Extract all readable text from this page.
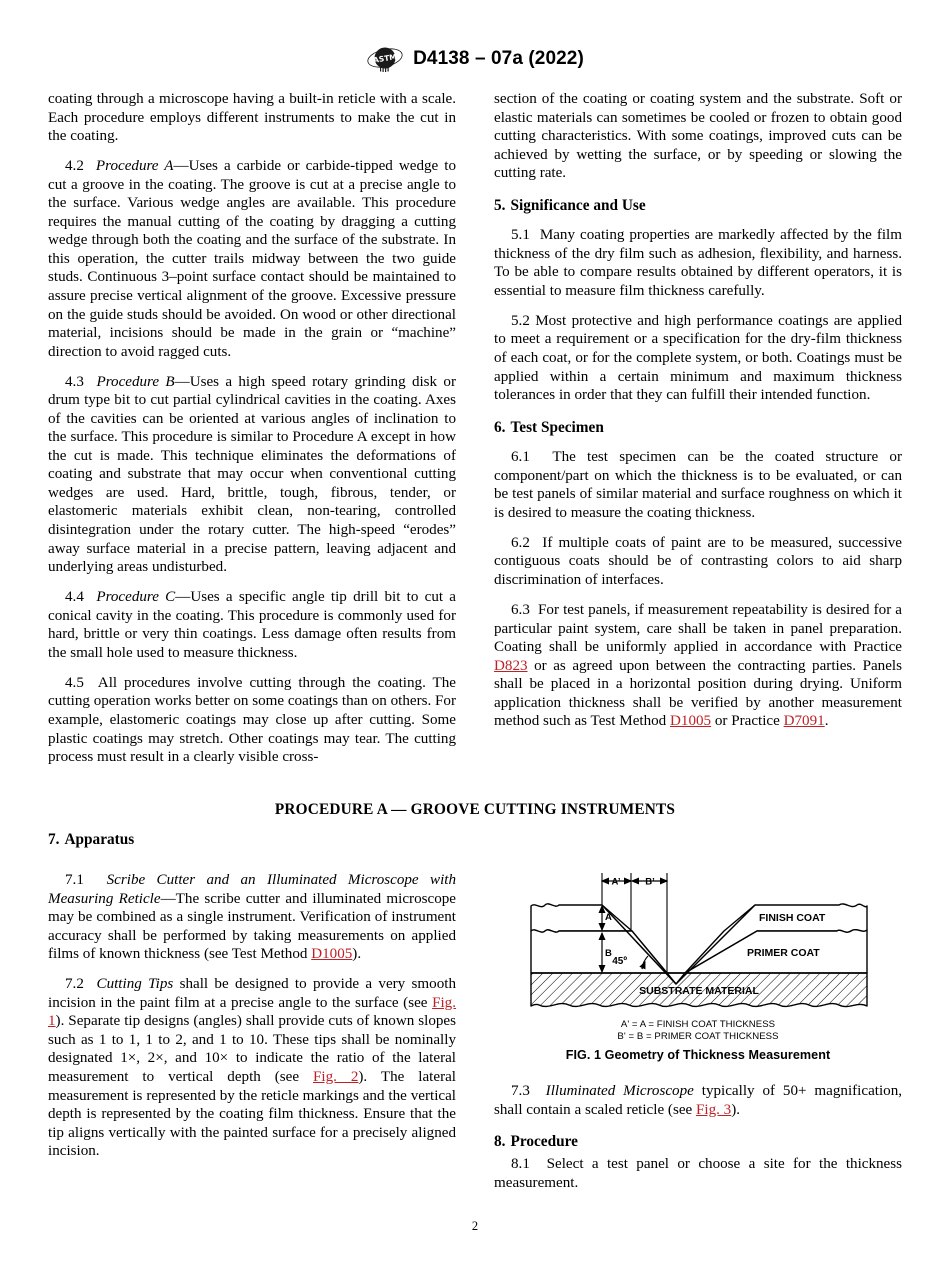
ASTM D4138 – 07a (2022)

coating through a microscope having a built-in reticle with a scale. Each procedure employs different instruments to make the cut in the coating.

4.2 Procedure A—Uses a carbide or carbide-tipped wedge to cut a groove in the coating. The groove is cut at a precise angle to the surface. Various wedge angles are available. This procedure requires the manual cutting of the coating by dragging a cutting wedge through both the coating and the surface of the substrate. In this operation, the cutter trails midway between the two guide studs. Continuous 3–point surface contact should be maintained to assure precise vertical alignment of the groove. Excessive pressure on the guide studs should be avoided. On wood or other directional material, incisions should be made in the grain or “machine” direction to avoid ragged cuts.

4.3 Procedure B—Uses a high speed rotary grinding disk or drum type bit to cut partial cylindrical cavities in the coating. Axes of the cavities can be oriented at various angles of inclination to the surface. This procedure is similar to Procedure A except in how the cut is made. This technique eliminates the deformations of coating and substrate that may occur when conventional cutting wedges are used. Hard, brittle, tough, fibrous, tender, or elastomeric materials exhibit clean, non-tearing, controlled disintegration under the rotary cutter. The high-speed “erodes” away surface material in a precise pattern, leaving adjacent and underlying areas undisturbed.

4.4 Procedure C—Uses a specific angle tip drill bit to cut a conical cavity in the coating. This procedure is commonly used for hard, brittle or very thin coatings. Less damage often results from the small hole used to measure thickness.

4.5 All procedures involve cutting through the coating. The cutting operation works better on some coatings than on others. For example, elastomeric coatings may close up after cutting. Some plastic coatings may stretch. Other coatings may tear. The cutting process must result in a clearly visible cross-

section of the coating or coating system and the substrate. Soft or elastic materials can sometimes be cooled or frozen to obtain good cutting characteristics. With some coatings, improved cuts can be achieved by wetting the surface, or by speeding or slowing the cutting rate.

5. Significance and Use

5.1 Many coating properties are markedly affected by the film thickness of the dry film such as adhesion, flexibility, and harness. To be able to compare results obtained by different operators, it is essential to measure film thickness carefully.

5.2 Most protective and high performance coatings are applied to meet a requirement or a specification for the dry-film thickness of each coat, or for the complete system, or both. Coatings must be applied within a certain minimum and maximum thickness tolerances in order that they can fulfill their intended function.

6. Test Specimen

6.1 The test specimen can be the coated structure or component/part on which the thickness is to be evaluated, or can be test panels of similar material and surface roughness on which it is desired to measure the coating thickness.

6.2 If multiple coats of paint are to be measured, successive contiguous coats should be of contrasting colors to aid sharp discrimination of interfaces.

6.3 For test panels, if measurement repeatability is desired for a particular paint system, care shall be taken in panel preparation. Coating shall be uniformly applied in accordance with Practice D823 or as agreed upon between the contracting parties. Panels shall be placed in a horizontal position during drying. Uniform application thickness shall be verified by another measurement method such as Test Method D1005 or Practice D7091.

PROCEDURE A — GROOVE CUTTING INSTRUMENTS
7. Apparatus

7.1 Scribe Cutter and an Illuminated Microscope with Measuring Reticle—The scribe cutter and illuminated microscope may be combined as a single instrument. Verification of instrument accuracy shall be performed by taking measurements on applied films of known thickness (see Test Method D1005).

7.2 Cutting Tips shall be designed to provide a very smooth incision in the paint film at a precise angle to the surface (see Fig. 1). Separate tip designs (angles) shall provide cuts of known slopes such as 1 to 1, 1 to 2, and 1 to 10. These tips shall be nominally designated 1×, 2×, and 10× to indicate the ratio of the lateral measurement to vertical depth (see Fig. 2). The lateral measurement is represented by the reticle markings and the vertical depth is represented by the coating film thickness. Ensure that the tip aligns vertically with the painted surface for a precisely aligned incision.

A’	B’
A
B
45º
FINISH COAT
PRIMER COAT
SUBSTRATE MATERIAL
A' = A = FINISH COAT THICKNESS
B' = B = PRIMER COAT THICKNESS
FIG. 1 Geometry of Thickness Measurement

7.3 Illuminated Microscope typically of 50+ magnification, shall contain a scaled reticle (see Fig. 3).

8. Procedure

8.1 Select a test panel or choose a site for the thickness measurement.

2
